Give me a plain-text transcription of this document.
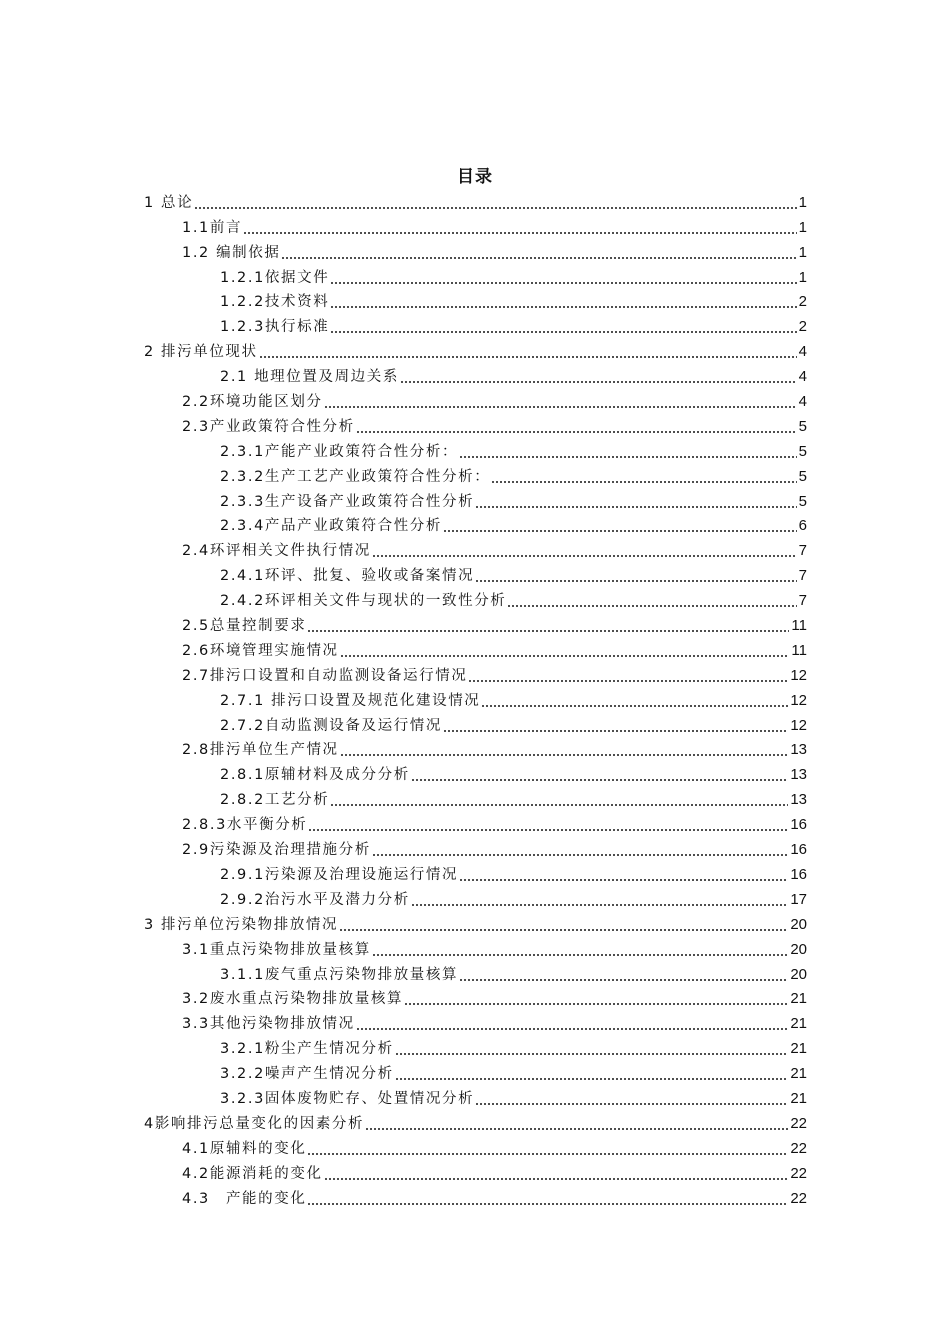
目录
1 总论	1
1.1前言	1
1.2 编制依据	1
1.2.1依据文件	1
1.2.2技术资料	2
1.2.3执行标准	2
2 排污单位现状	4
2.1 地理位置及周边关系	4
2.2环境功能区划分	4
2.3产业政策符合性分析	5
2.3.1产能产业政策符合性分析：	5
2.3.2生产工艺产业政策符合性分析：	5
2.3.3生产设备产业政策符合性分析	5
2.3.4产品产业政策符合性分析	6
2.4环评相关文件执行情况	7
2.4.1环评、批复、验收或备案情况	7
2.4.2环评相关文件与现状的一致性分析	7
2.5总量控制要求	11
2.6环境管理实施情况	11
2.7排污口设置和自动监测设备运行情况	12
2.7.1 排污口设置及规范化建设情况	12
2.7.2自动监测设备及运行情况	12
2.8排污单位生产情况	13
2.8.1原辅材料及成分分析	13
2.8.2工艺分析	13
2.8.3水平衡分析	16
2.9污染源及治理措施分析	16
2.9.1污染源及治理设施运行情况	16
2.9.2治污水平及潜力分析	17
3 排污单位污染物排放情况	20
3.1重点污染物排放量核算	20
3.1.1废气重点污染物排放量核算	20
3.2废水重点污染物排放量核算	21
3.3其他污染物排放情况	21
3.2.1粉尘产生情况分析	21
3.2.2噪声产生情况分析	21
3.2.3固体废物贮存、处置情况分析	21
4影响排污总量变化的因素分析	22
4.1原辅料的变化	22
4.2能源消耗的变化	22
4.3　产能的变化	22
